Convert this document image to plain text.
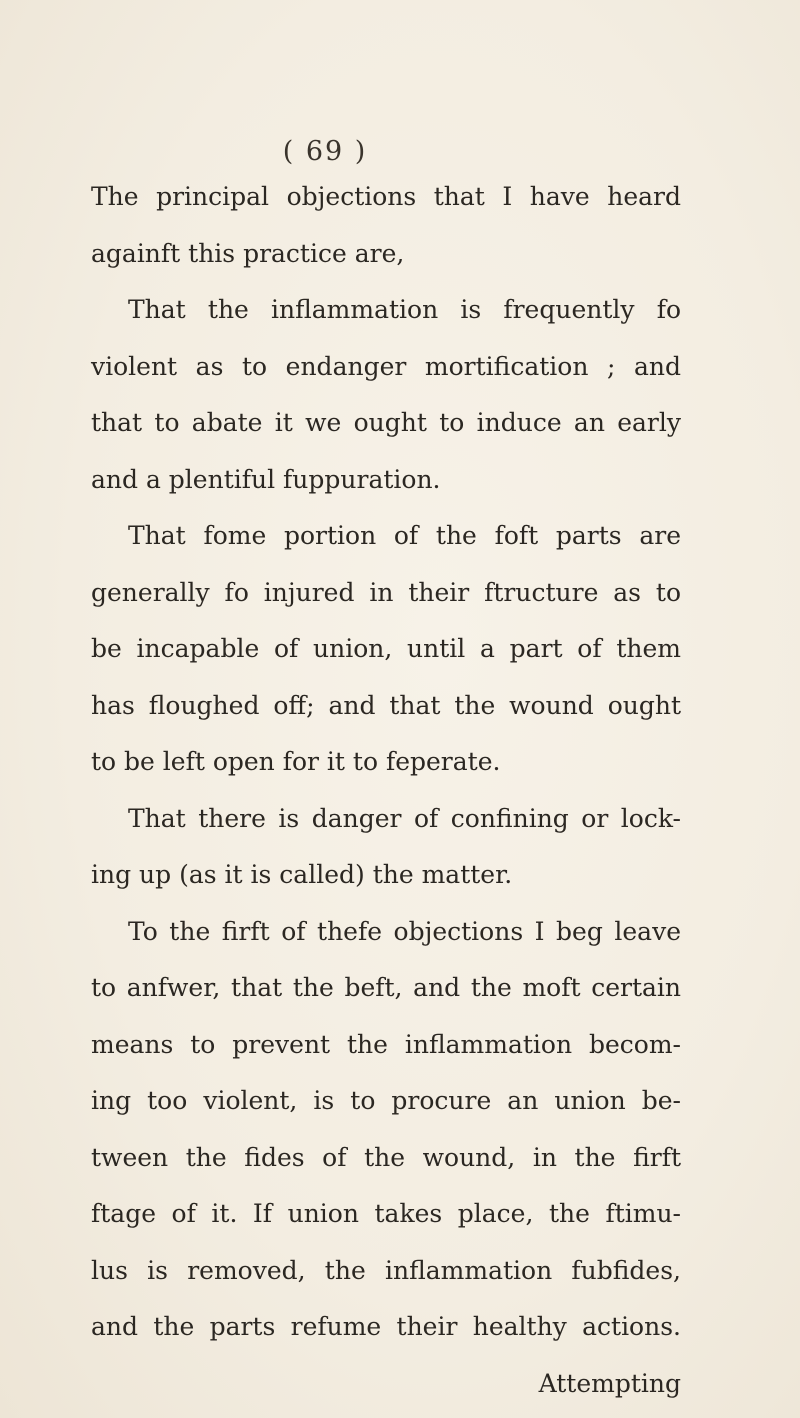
( 69 )
The principal objections that I have heard
againft this practice are,
That the inflammation is frequently fo
violent as to endanger mortification ; and
that to abate it we ought to induce an early
and a plentiful fuppuration.
That fome portion of the foft parts are
generally fo injured in their ftructure as to
be incapable of union, until a part of them
has floughed off; and that the wound ought
to be left open for it to feperate.
That there is danger of confining or lock-
ing up (as it is called) the matter.
To the firft of thefe objections I beg leave
to anfwer, that the beft, and the moft certain
means to prevent the inflammation becom-
ing too violent, is to procure an union be-
tween the fides of the wound, in the firft
ftage of it. If union takes place, the ftimu-
lus is removed, the inflammation fubfides,
and the parts refume their healthy actions.
Attempting
